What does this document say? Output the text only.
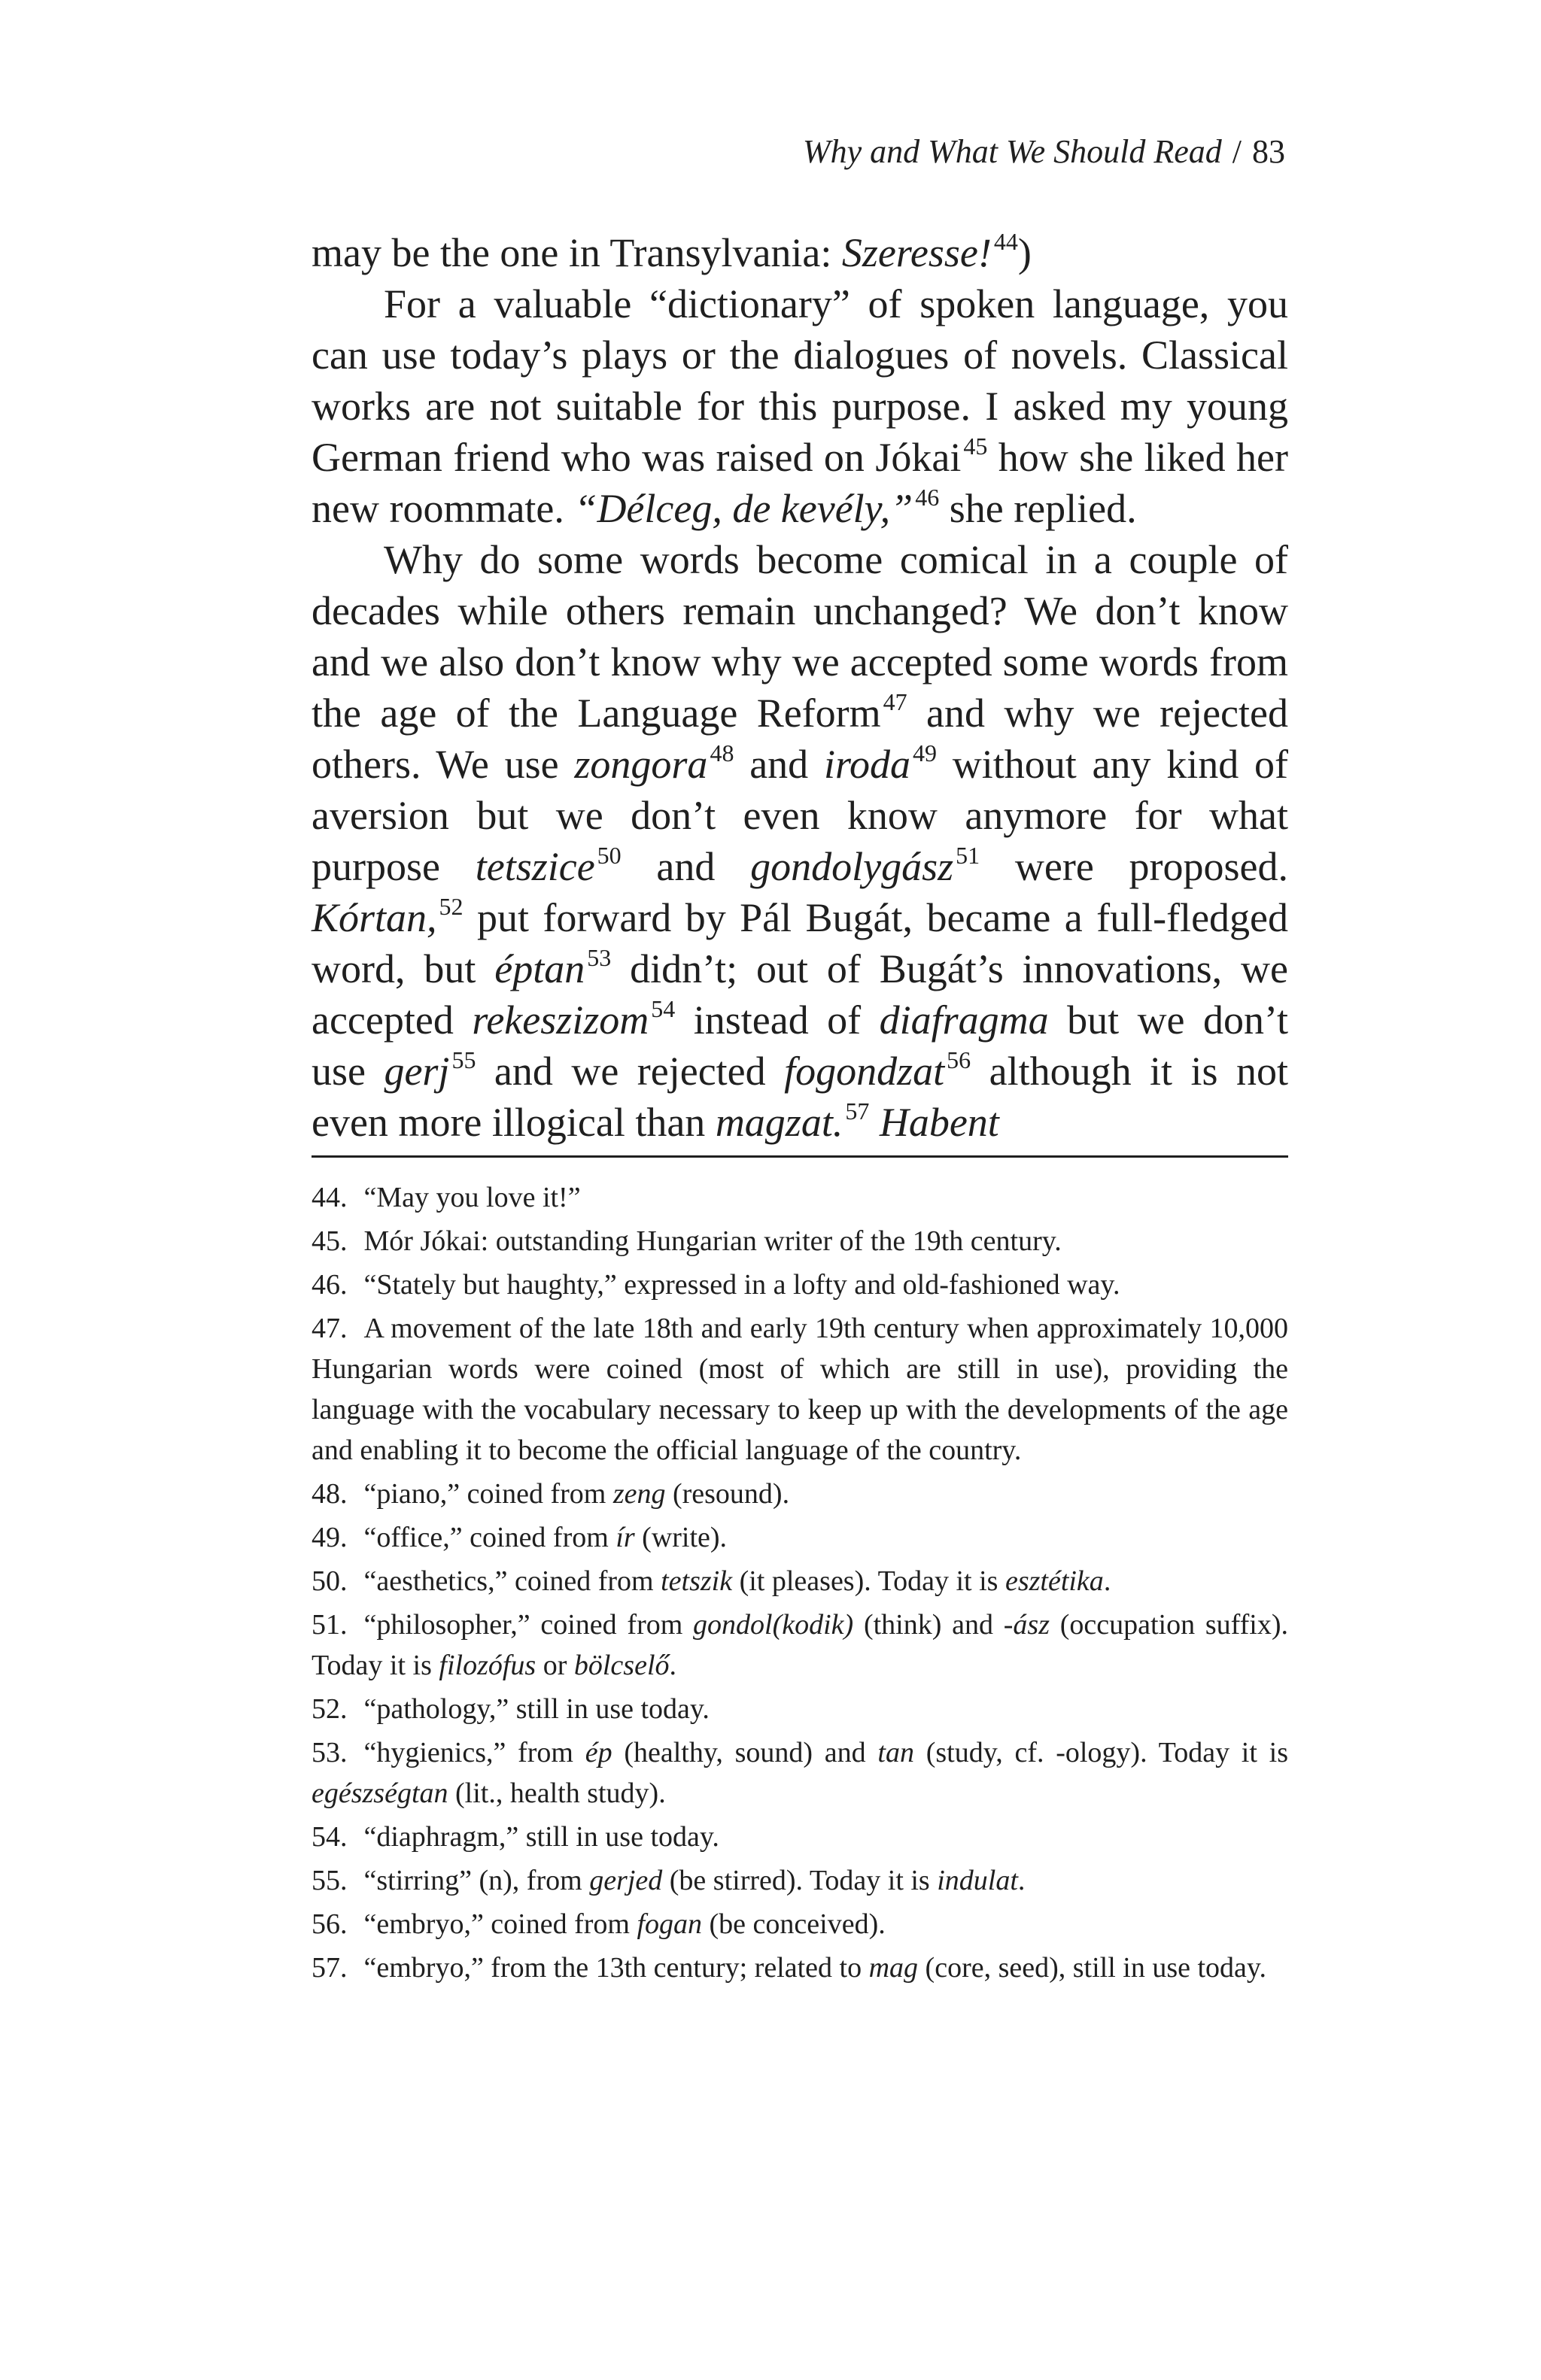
Why and What We Should Read / 83

may be the one in Transylvania: Szeresse!$^{44}$)

For a valuable “dictionary” of spoken language, you can use today’s plays or the dialogues of novels. Classical works are not suitable for this purpose. I asked my young German friend who was raised on Jókai$^{45}$ how she liked her new roommate. “Délceg, de kevély,”$^{46}$ she replied.

Why do some words become comical in a couple of decades while others remain unchanged? We don’t know and we also don’t know why we accepted some words from the age of the Language Reform$^{47}$ and why we rejected others. We use zongora$^{48}$ and iroda$^{49}$ without any kind of aversion but we don’t even know anymore for what purpose tetszice$^{50}$ and gondolygász$^{51}$ were proposed. Kórtan,$^{52}$ put forward by Pál Bugát, became a full-fledged word, but éptan$^{53}$ didn’t; out of Bugát’s innovations, we accepted rekeszizom$^{54}$ instead of diafragma but we don’t use gerj$^{55}$ and we rejected fogondzat$^{56}$ although it is not even more illogical than magzat.$^{57}$ Habent

44. “May you love it!”
45. Mór Jókai: outstanding Hungarian writer of the 19th century.
46. “Stately but haughty,” expressed in a lofty and old-fashioned way.
47. A movement of the late 18th and early 19th century when approximately 10,000 Hungarian words were coined (most of which are still in use), providing the language with the vocabulary necessary to keep up with the developments of the age and enabling it to become the official language of the country.
48. “piano,” coined from zeng (resound).
49. “office,” coined from ír (write).
50. “aesthetics,” coined from tetszik (it pleases). Today it is esztétika.
51. “philosopher,” coined from gondol(kodik) (think) and -ász (occupation suffix). Today it is filozófus or bölcselő.
52. “pathology,” still in use today.
53. “hygienics,” from ép (healthy, sound) and tan (study, cf. -ology). Today it is egészségtan (lit., health study).
54. “diaphragm,” still in use today.
55. “stirring” (n), from gerjed (be stirred). Today it is indulat.
56. “embryo,” coined from fogan (be conceived).
57. “embryo,” from the 13th century; related to mag (core, seed), still in use today.
